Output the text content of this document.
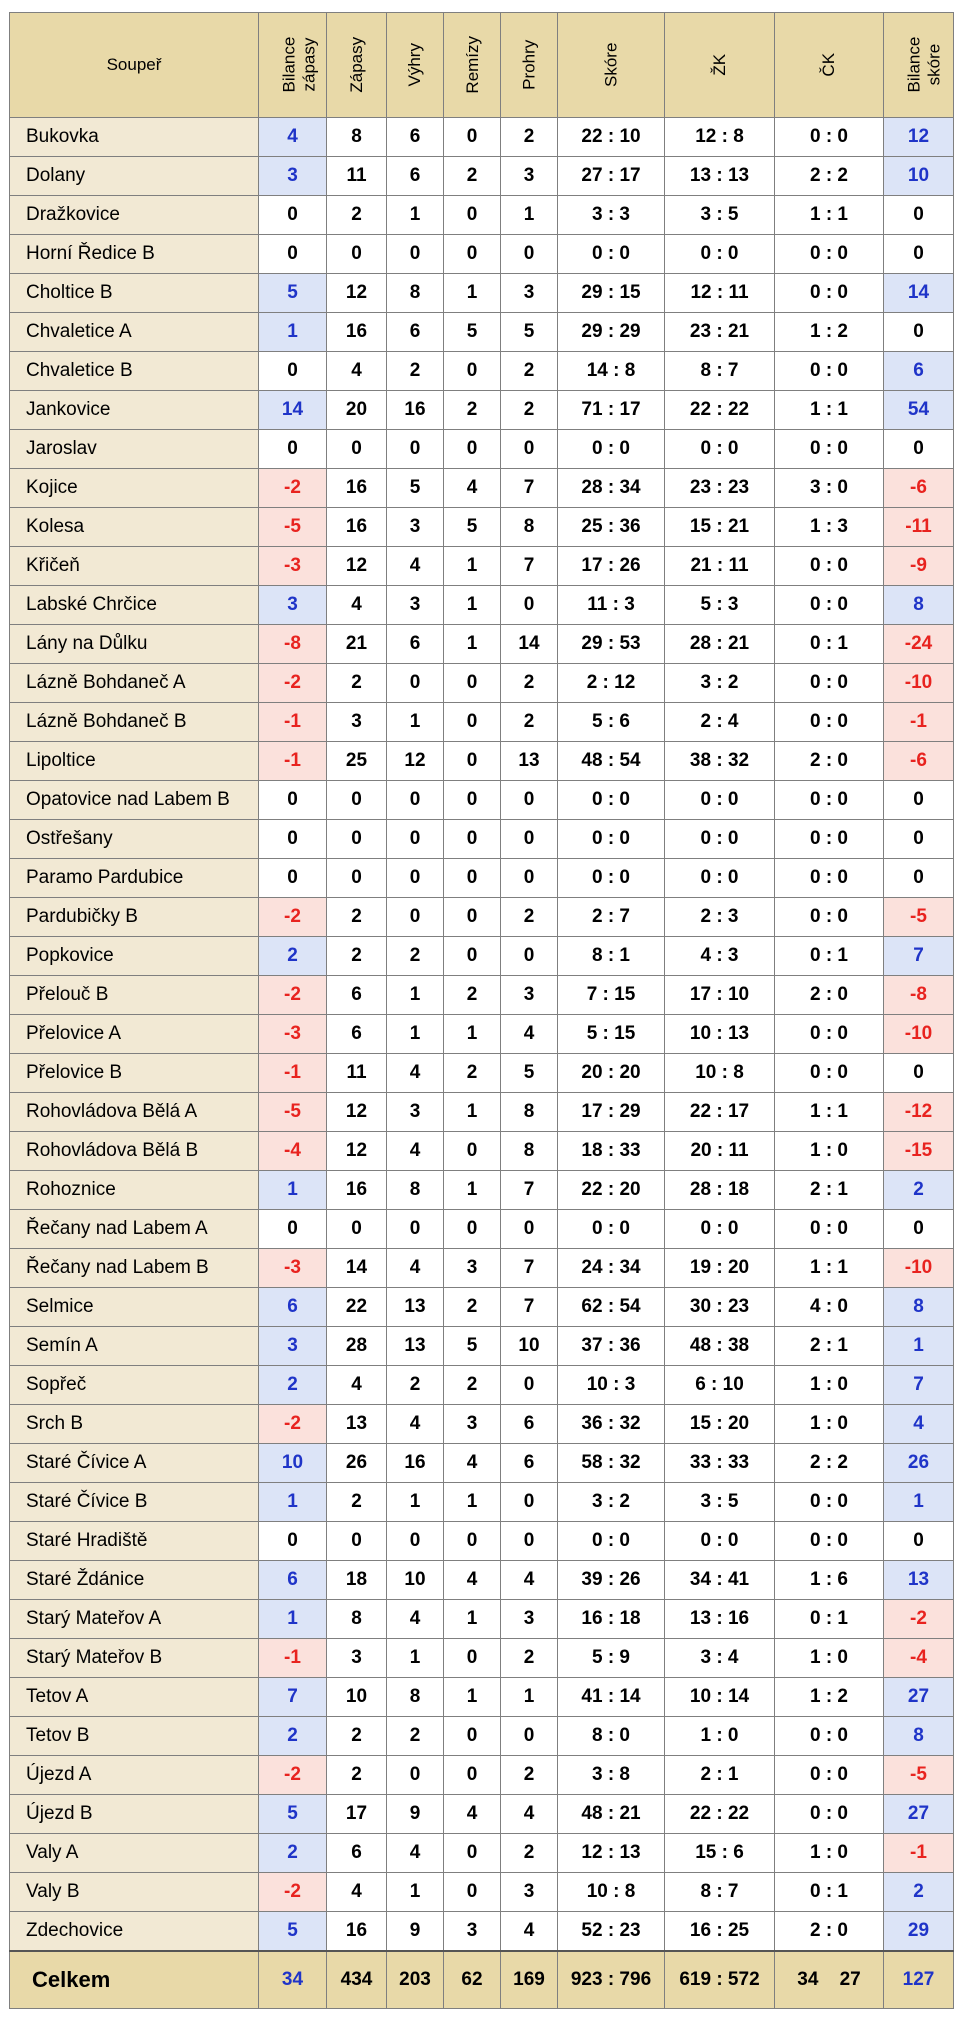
Soupeř	Bilance zápasy	Zápasy	Výhry	Remízy	Prohry	Skóre	ŽK	ČK	Bilance skóre
Bukovka	4	8	6	0	2	22 : 10	12 : 8	0 : 0	12
Dolany	3	11	6	2	3	27 : 17	13 : 13	2 : 2	10
Dražkovice	0	2	1	0	1	3 : 3	3 : 5	1 : 1	0
Horní Ředice B	0	0	0	0	0	0 : 0	0 : 0	0 : 0	0
Choltice B	5	12	8	1	3	29 : 15	12 : 11	0 : 0	14
Chvaletice A	1	16	6	5	5	29 : 29	23 : 21	1 : 2	0
Chvaletice B	0	4	2	0	2	14 : 8	8 : 7	0 : 0	6
Jankovice	14	20	16	2	2	71 : 17	22 : 22	1 : 1	54
Jaroslav	0	0	0	0	0	0 : 0	0 : 0	0 : 0	0
Kojice	-2	16	5	4	7	28 : 34	23 : 23	3 : 0	-6
Kolesa	-5	16	3	5	8	25 : 36	15 : 21	1 : 3	-11
Křičeň	-3	12	4	1	7	17 : 26	21 : 11	0 : 0	-9
Labské Chrčice	3	4	3	1	0	11 : 3	5 : 3	0 : 0	8
Lány na Důlku	-8	21	6	1	14	29 : 53	28 : 21	0 : 1	-24
Lázně Bohdaneč A	-2	2	0	0	2	2 : 12	3 : 2	0 : 0	-10
Lázně Bohdaneč B	-1	3	1	0	2	5 : 6	2 : 4	0 : 0	-1
Lipoltice	-1	25	12	0	13	48 : 54	38 : 32	2 : 0	-6
Opatovice nad Labem B	0	0	0	0	0	0 : 0	0 : 0	0 : 0	0
Ostřešany	0	0	0	0	0	0 : 0	0 : 0	0 : 0	0
Paramo Pardubice	0	0	0	0	0	0 : 0	0 : 0	0 : 0	0
Pardubičky B	-2	2	0	0	2	2 : 7	2 : 3	0 : 0	-5
Popkovice	2	2	2	0	0	8 : 1	4 : 3	0 : 1	7
Přelouč B	-2	6	1	2	3	7 : 15	17 : 10	2 : 0	-8
Přelovice A	-3	6	1	1	4	5 : 15	10 : 13	0 : 0	-10
Přelovice B	-1	11	4	2	5	20 : 20	10 : 8	0 : 0	0
Rohovládova Bělá A	-5	12	3	1	8	17 : 29	22 : 17	1 : 1	-12
Rohovládova Bělá B	-4	12	4	0	8	18 : 33	20 : 11	1 : 0	-15
Rohoznice	1	16	8	1	7	22 : 20	28 : 18	2 : 1	2
Řečany nad Labem A	0	0	0	0	0	0 : 0	0 : 0	0 : 0	0
Řečany nad Labem B	-3	14	4	3	7	24 : 34	19 : 20	1 : 1	-10
Selmice	6	22	13	2	7	62 : 54	30 : 23	4 : 0	8
Semín A	3	28	13	5	10	37 : 36	48 : 38	2 : 1	1
Sopřeč	2	4	2	2	0	10 : 3	6 : 10	1 : 0	7
Srch B	-2	13	4	3	6	36 : 32	15 : 20	1 : 0	4
Staré Čívice A	10	26	16	4	6	58 : 32	33 : 33	2 : 2	26
Staré Čívice B	1	2	1	1	0	3 : 2	3 : 5	0 : 0	1
Staré Hradiště	0	0	0	0	0	0 : 0	0 : 0	0 : 0	0
Staré Ždánice	6	18	10	4	4	39 : 26	34 : 41	1 : 6	13
Starý Mateřov A	1	8	4	1	3	16 : 18	13 : 16	0 : 1	-2
Starý Mateřov B	-1	3	1	0	2	5 : 9	3 : 4	1 : 0	-4
Tetov A	7	10	8	1	1	41 : 14	10 : 14	1 : 2	27
Tetov B	2	2	2	0	0	8 : 0	1 : 0	0 : 0	8
Újezd A	-2	2	0	0	2	3 : 8	2 : 1	0 : 0	-5
Újezd B	5	17	9	4	4	48 : 21	22 : 22	0 : 0	27
Valy A	2	6	4	0	2	12 : 13	15 : 6	1 : 0	-1
Valy B	-2	4	1	0	3	10 : 8	8 : 7	0 : 1	2
Zdechovice	5	16	9	3	4	52 : 23	16 : 25	2 : 0	29
Celkem	34	434	203	62	169	923 : 796	619 : 572	34 27	127
